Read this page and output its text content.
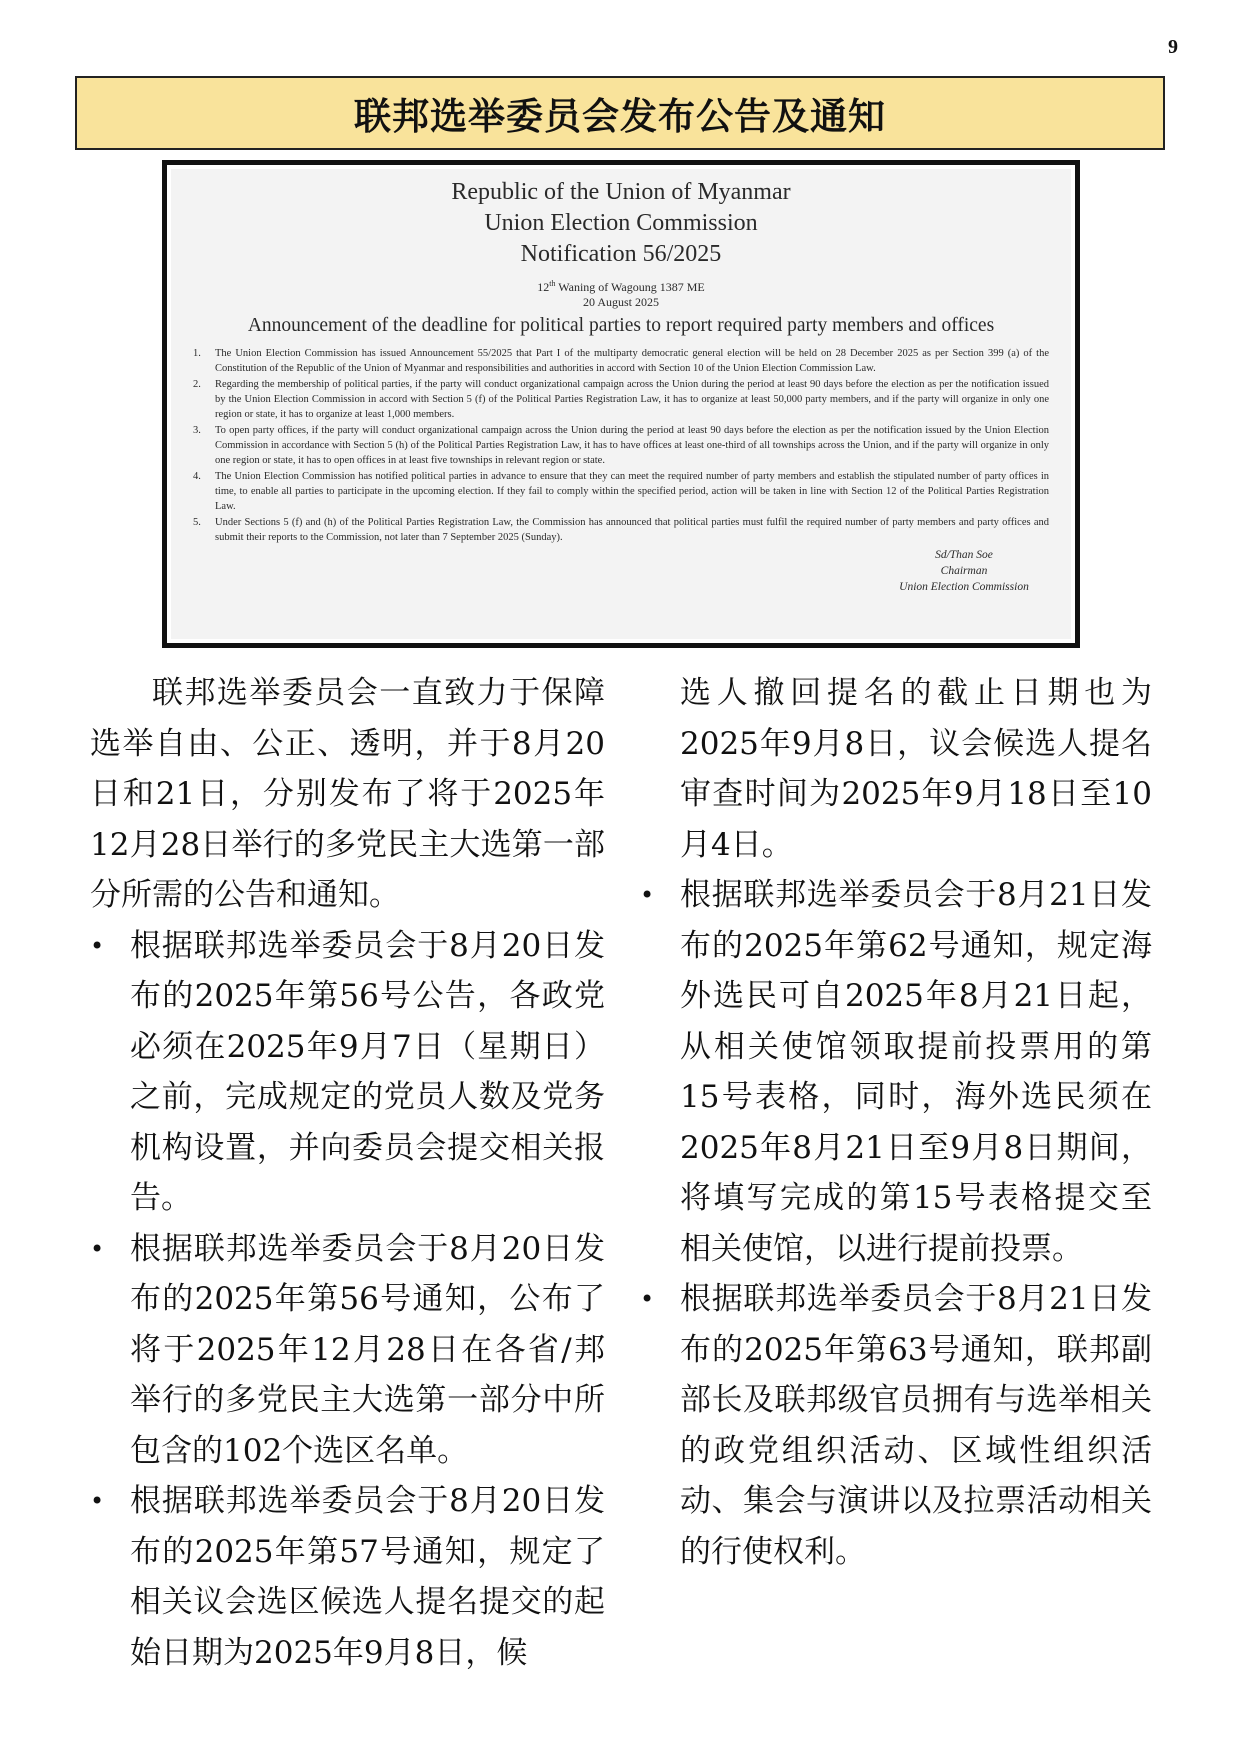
9
联邦选举委员会发布公告及通知
Republic of the Union of Myanmar
Union Election Commission
Notification 56/2025
12th Waning of Wagoung 1387 ME
20 August 2025
Announcement of the deadline for political parties to report required party members and offices
1.	The Union Election Commission has issued Announcement 55/2025 that Part I of the multiparty democratic general election will be held on 28 December 2025 as per Section 399 (a) of the Constitution of the Republic of the Union of Myanmar and responsibilities and authorities in accord with Section 10 of the Union Election Commission Law.
2.	Regarding the membership of political parties, if the party will conduct organizational campaign across the Union during the period at least 90 days before the election as per the notification issued by the Union Election Commission in accord with Section 5 (f) of the Political Parties Registration Law, it has to organize at least 50,000 party members, and if the party will organize in only one region or state, it has to organize at least 1,000 members.
3.	To open party offices, if the party will conduct organizational campaign across the Union during the period at least 90 days before the election as per the notification issued by the Union Election Commission in accordance with Section 5 (h) of the Political Parties Registration Law, it has to have offices at least one-third of all townships across the Union, and if the party will organize in only one region or state, it has to open offices in at least five townships in relevant region or state.
4.	The Union Election Commission has notified political parties in advance to ensure that they can meet the required number of party members and establish the stipulated number of party offices in time, to enable all parties to participate in the upcoming election. If they fail to comply within the specified period, action will be taken in line with Section 12 of the Political Parties Registration Law.
5.	Under Sections 5 (f) and (h) of the Political Parties Registration Law, the Commission has announced that political parties must fulfil the required number of party members and party offices and submit their reports to the Commission, not later than 7 September 2025 (Sunday).
Sd/Than Soe
Chairman
Union Election Commission

联邦选举委员会一直致力于保障选举自由、公正、透明，并于8月20日和21日，分别发布了将于2025年12月28日举行的多党民主大选第一部分所需的公告和通知。

• 根据联邦选举委员会于8月20日发布的2025年第56号公告，各政党必须在2025年9月7日（星期日）之前，完成规定的党员人数及党务机构设置，并向委员会提交相关报告。
• 根据联邦选举委员会于8月20日发布的2025年第56号通知，公布了将于2025年12月28日在各省/邦举行的多党民主大选第一部分中所包含的102个选区名单。
• 根据联邦选举委员会于8月20日发布的2025年第57号通知，规定了相关议会选区候选人提名提交的起始日期为2025年9月8日，候
选人撤回提名的截止日期也为2025年9月8日，议会候选人提名审查时间为2025年9月18日至10月4日。
• 根据联邦选举委员会于8月21日发布的2025年第62号通知，规定海外选民可自2025年8月21日起，从相关使馆领取提前投票用的第15号表格，同时，海外选民须在2025年8月21日至9月8日期间，将填写完成的第15号表格提交至相关使馆，以进行提前投票。
• 根据联邦选举委员会于8月21日发布的2025年第63号通知，联邦副部长及联邦级官员拥有与选举相关的政党组织活动、区域性组织活动、集会与演讲以及拉票活动相关的行使权利。
